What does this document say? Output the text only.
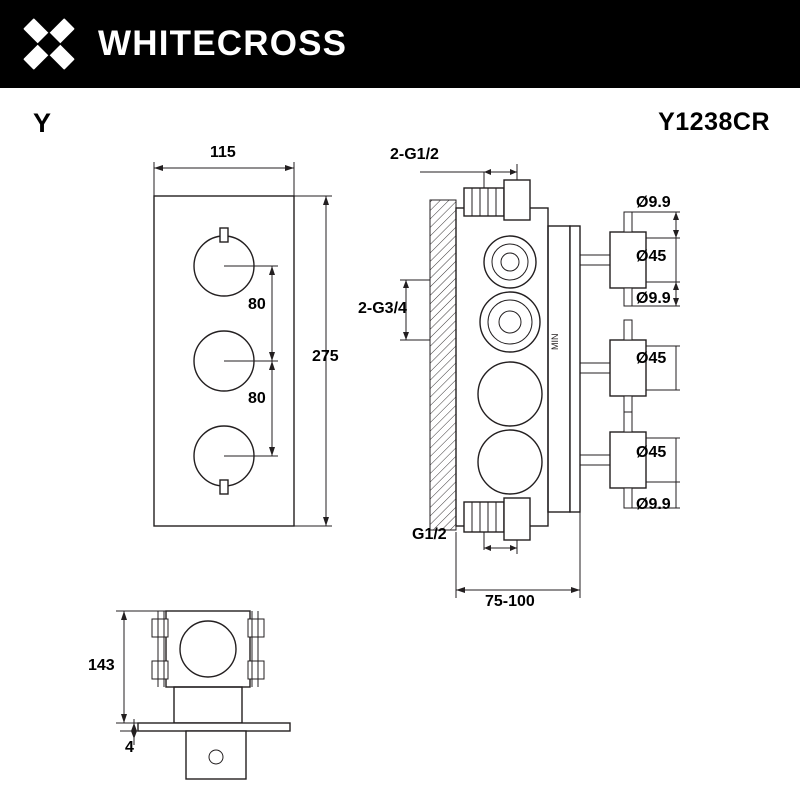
WHITECROSS
Y	Y1238CR
115
275
80
80
MIN
2-G1/2
2-G3/4
G1/2
75-100
Ø9.9
Ø45
Ø9.9
Ø45
Ø45
Ø9.9
143
4
